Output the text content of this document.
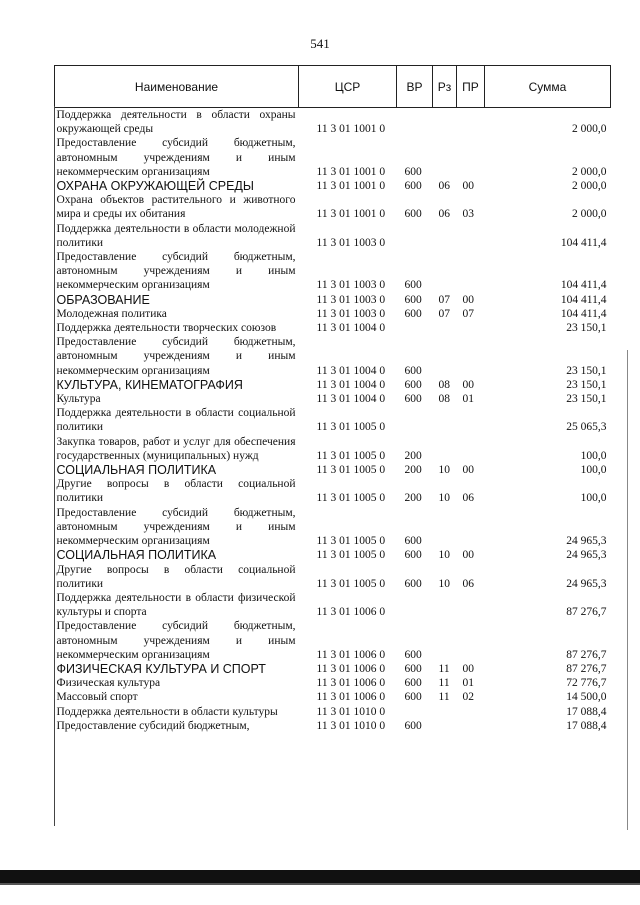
541
Наименование	ЦСР	ВР	Рз	ПР	Сумма
Поддержка деятельности в области охраны окружающей среды	11 3 01 1001 0				2 000,0
Предоставление субсидий бюджетным, автономным учреждениям и иным некоммерческим организациям	11 3 01 1001 0	600			2 000,0
ОХРАНА ОКРУЖАЮЩЕЙ СРЕДЫ	11 3 01 1001 0	600	06	00	2 000,0
Охрана объектов растительного и животного мира и среды их обитания	11 3 01 1001 0	600	06	03	2 000,0
Поддержка деятельности в области молодежной политики	11 3 01 1003 0				104 411,4
Предоставление субсидий бюджетным, автономным учреждениям и иным некоммерческим организациям	11 3 01 1003 0	600			104 411,4
ОБРАЗОВАНИЕ	11 3 01 1003 0	600	07	00	104 411,4
Молодежная политика	11 3 01 1003 0	600	07	07	104 411,4
Поддержка деятельности творческих союзов	11 3 01 1004 0				23 150,1
Предоставление субсидий бюджетным, автономным учреждениям и иным некоммерческим организациям	11 3 01 1004 0	600			23 150,1
КУЛЬТУРА, КИНЕМАТОГРАФИЯ	11 3 01 1004 0	600	08	00	23 150,1
Культура	11 3 01 1004 0	600	08	01	23 150,1
Поддержка деятельности в области социальной политики	11 3 01 1005 0				25 065,3
Закупка товаров, работ и услуг для обеспечения государственных (муниципальных) нужд	11 3 01 1005 0	200			100,0
СОЦИАЛЬНАЯ ПОЛИТИКА	11 3 01 1005 0	200	10	00	100,0
Другие вопросы в области социальной политики	11 3 01 1005 0	200	10	06	100,0
Предоставление субсидий бюджетным, автономным учреждениям и иным некоммерческим организациям	11 3 01 1005 0	600			24 965,3
СОЦИАЛЬНАЯ ПОЛИТИКА	11 3 01 1005 0	600	10	00	24 965,3
Другие вопросы в области социальной политики	11 3 01 1005 0	600	10	06	24 965,3
Поддержка деятельности в области физической культуры и спорта	11 3 01 1006 0				87 276,7
Предоставление субсидий бюджетным, автономным учреждениям и иным некоммерческим организациям	11 3 01 1006 0	600			87 276,7
ФИЗИЧЕСКАЯ КУЛЬТУРА И СПОРТ	11 3 01 1006 0	600	11	00	87 276,7
Физическая культура	11 3 01 1006 0	600	11	01	72 776,7
Массовый спорт	11 3 01 1006 0	600	11	02	14 500,0
Поддержка деятельности в области культуры	11 3 01 1010 0				17 088,4
Предоставление субсидий бюджетным,	11 3 01 1010 0	600			17 088,4
